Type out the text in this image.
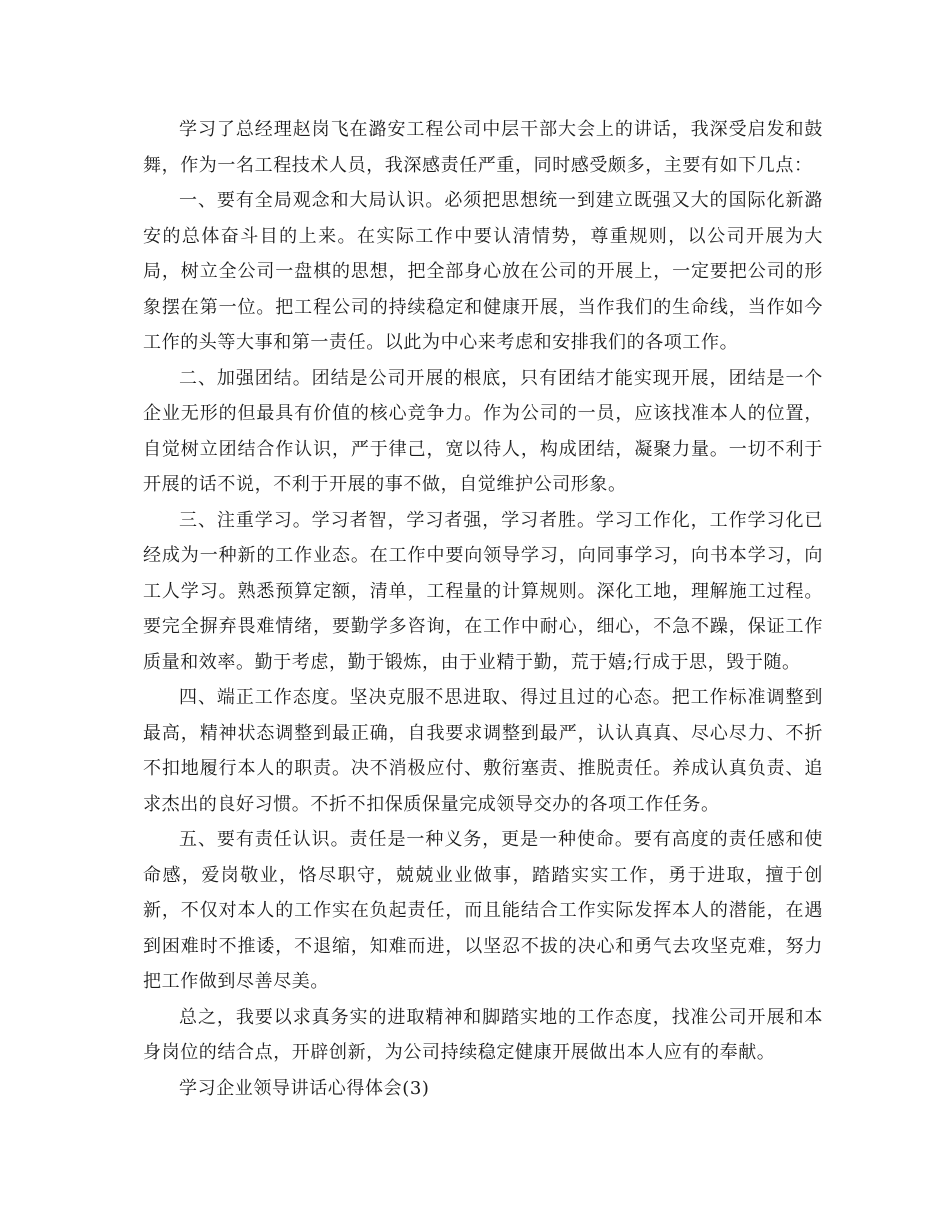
学习了总经理赵岗飞在潞安工程公司中层干部大会上的讲话，我深受启发和鼓舞，作为一名工程技术人员，我深感责任严重，同时感受颇多，主要有如下几点：

一、要有全局观念和大局认识。必须把思想统一到建立既强又大的国际化新潞安的总体奋斗目的上来。在实际工作中要认清情势，尊重规则，以公司开展为大局，树立全公司一盘棋的思想，把全部身心放在公司的开展上，一定要把公司的形象摆在第一位。把工程公司的持续稳定和健康开展，当作我们的生命线，当作如今工作的头等大事和第一责任。以此为中心来考虑和安排我们的各项工作。

二、加强团结。团结是公司开展的根底，只有团结才能实现开展，团结是一个企业无形的但最具有价值的核心竞争力。作为公司的一员，应该找准本人的位置，自觉树立团结合作认识，严于律己，宽以待人，构成团结，凝聚力量。一切不利于开展的话不说，不利于开展的事不做，自觉维护公司形象。

三、注重学习。学习者智，学习者强，学习者胜。学习工作化，工作学习化已经成为一种新的工作业态。在工作中要向领导学习，向同事学习，向书本学习，向工人学习。熟悉预算定额，清单，工程量的计算规则。深化工地，理解施工过程。要完全摒弃畏难情绪，要勤学多咨询，在工作中耐心，细心，不急不躁，保证工作质量和效率。勤于考虑，勤于锻炼，由于业精于勤，荒于嬉;行成于思，毁于随。

四、端正工作态度。坚决克服不思进取、得过且过的心态。把工作标准调整到最高，精神状态调整到最正确，自我要求调整到最严，认认真真、尽心尽力、不折不扣地履行本人的职责。决不消极应付、敷衍塞责、推脱责任。养成认真负责、追求杰出的良好习惯。不折不扣保质保量完成领导交办的各项工作任务。

五、要有责任认识。责任是一种义务，更是一种使命。要有高度的责任感和使命感，爱岗敬业，恪尽职守，兢兢业业做事，踏踏实实工作，勇于进取，擅于创新，不仅对本人的工作实在负起责任，而且能结合工作实际发挥本人的潜能，在遇到困难时不推诿，不退缩，知难而进，以坚忍不拔的决心和勇气去攻坚克难，努力把工作做到尽善尽美。

总之，我要以求真务实的进取精神和脚踏实地的工作态度，找准公司开展和本身岗位的结合点，开辟创新，为公司持续稳定健康开展做出本人应有的奉献。

学习企业领导讲话心得体会(3)
